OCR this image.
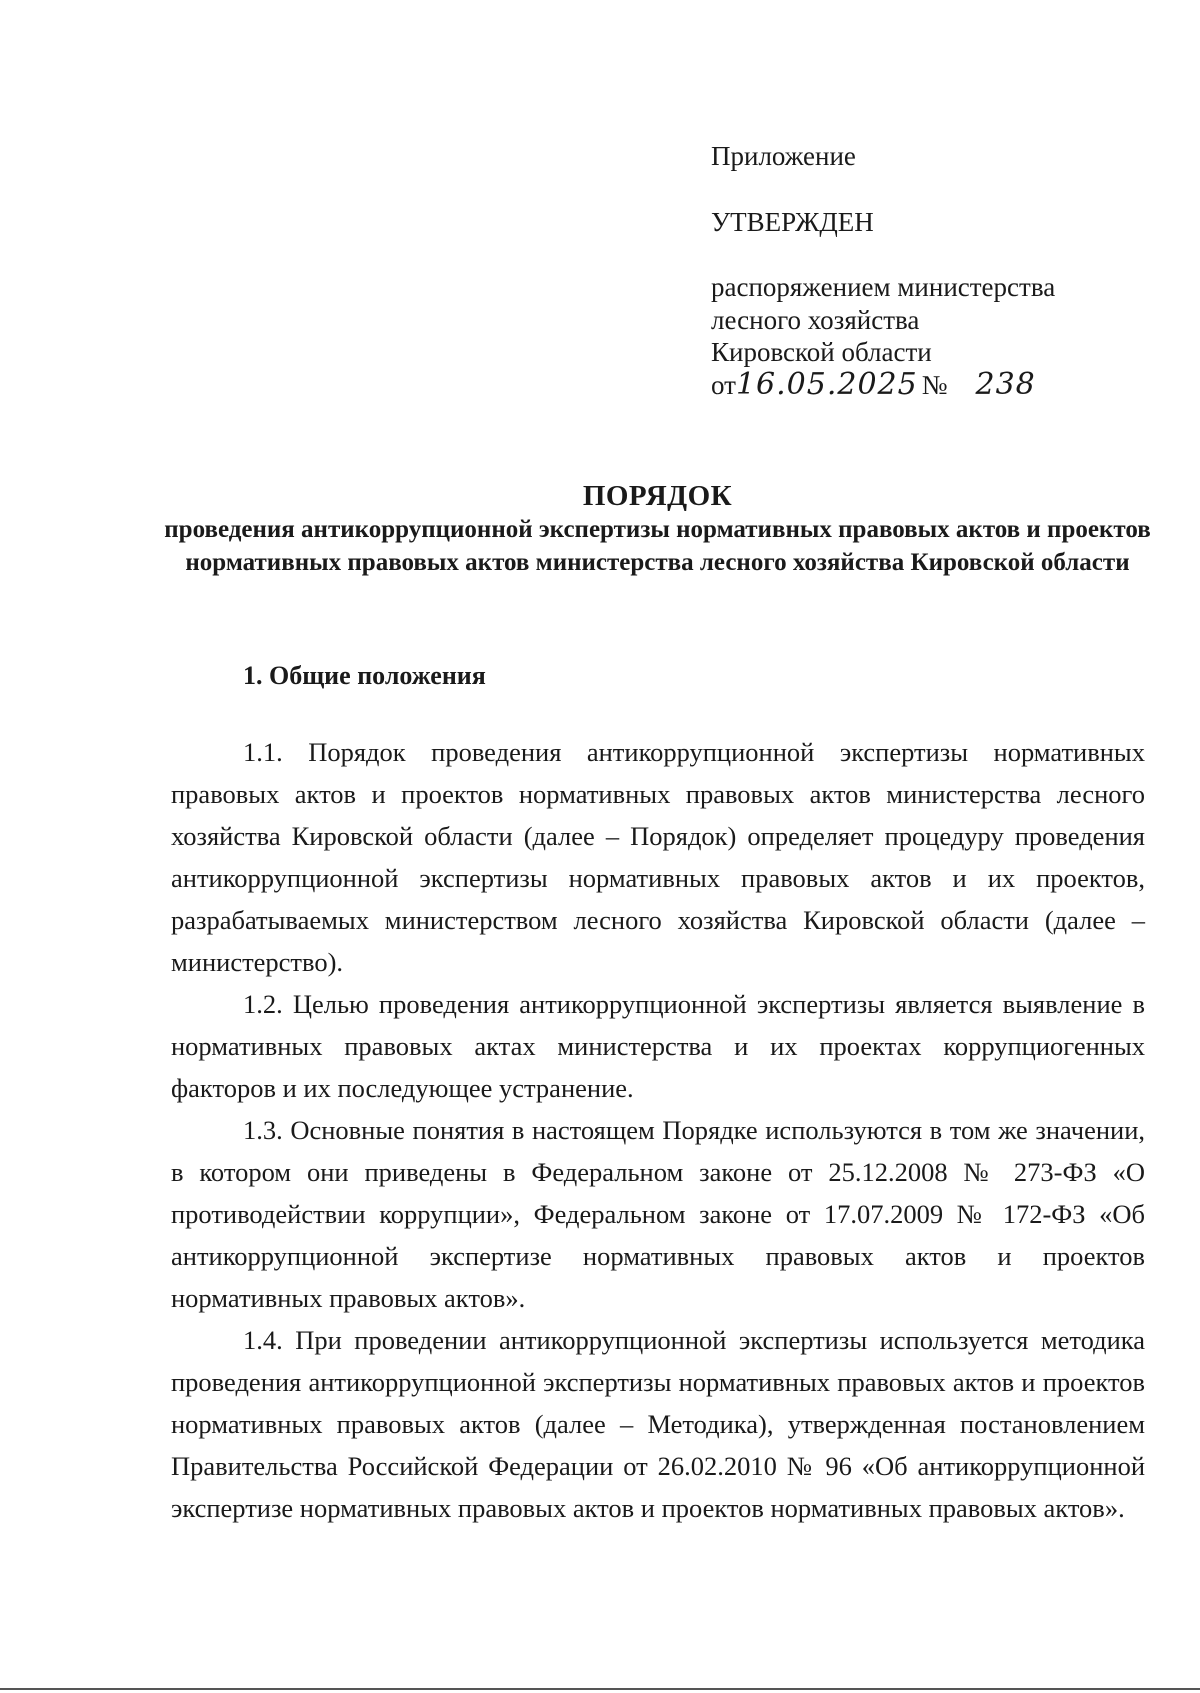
Приложение
УТВЕРЖДЕН
распоряжением министерства
лесного хозяйства
Кировской области
от16.05.2025 № 238
ПОРЯДОК
проведения антикоррупционной экспертизы нормативных правовых актов и проектов нормативных правовых актов министерства лесного хозяйства Кировской области
1. Общие положения

1.1. Порядок проведения антикоррупционной экспертизы нормативных правовых актов и проектов нормативных правовых актов министерства лесного хозяйства Кировской области (далее – Порядок) определяет процедуру проведения антикоррупционной экспертизы нормативных правовых актов и их проектов, разрабатываемых министерством лесного хозяйства Кировской области (далее – министерство).

1.2. Целью проведения антикоррупционной экспертизы является выявление в нормативных правовых актах министерства и их проектах коррупциогенных факторов и их последующее устранение.

1.3. Основные понятия в настоящем Порядке используются в том же значении, в котором они приведены в Федеральном законе от 25.12.2008 № 273-ФЗ «О противодействии коррупции», Федеральном законе от 17.07.2009 № 172-ФЗ «Об антикоррупционной экспертизе нормативных правовых актов и проектов нормативных правовых актов».

1.4. При проведении антикоррупционной экспертизы используется методика проведения антикоррупционной экспертизы нормативных правовых актов и проектов нормативных правовых актов (далее – Методика), утвержденная постановлением Правительства Российской Федерации от 26.02.2010 № 96 «Об антикоррупционной экспертизе нормативных правовых актов и проектов нормативных правовых актов».
